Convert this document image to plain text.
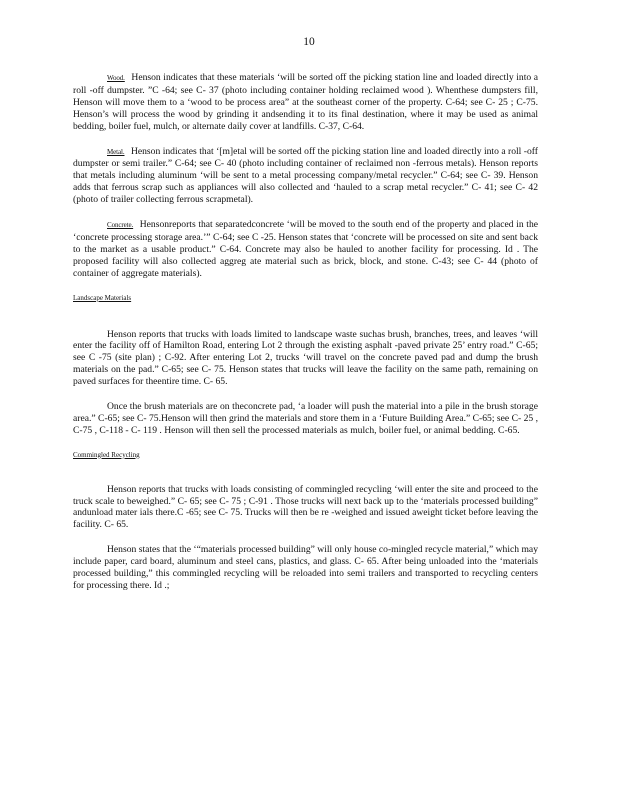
10

Wood. Henson indicates that these materials ‘will be sorted off the picking station line and loaded directly into a roll -off dumpster. ”C -64; see C- 37 (photo including container holding reclaimed wood ). Whenthese dumpsters fill, Henson will move them to a ‘wood to be process area” at the southeast corner of the property. C-64; see C- 25 ; C-75. Henson’s will process the wood by grinding it andsending it to its final destination, where it may be used as animal bedding, boiler fuel, mulch, or alternate daily cover at landfills. C-37, C-64.

Metal. Henson indicates that ‘[m]etal will be sorted off the picking station line and loaded directly into a roll -off dumpster or semi trailer.” C-64; see C- 40 (photo including container of reclaimed non -ferrous metals). Henson reports that metals including aluminum ‘will be sent to a metal processing company/metal recycler.” C-64; see C- 39. Henson adds that ferrous scrap such as appliances will also collected and ‘hauled to a scrap metal recycler.” C- 41; see C- 42 (photo of trailer collecting ferrous scrapmetal).

Concrete. Hensonreports that separatedconcrete ‘will be moved to the south end of the property and placed in the ‘concrete processing storage area.’” C-64; see C -25. Henson states that ‘concrete will be processed on site and sent back to the market as a usable product.” C-64. Concrete may also be hauled to another facility for processing. Id . The proposed facility will also collected aggreg ate material such as brick, block, and stone. C-43; see C- 44 (photo of container of aggregate materials).

Landscape Materials

Henson reports that trucks with loads limited to landscape waste suchas brush, branches, trees, and leaves ‘will enter the facility off of Hamilton Road, entering Lot 2 through the existing asphalt -paved private 25’ entry road.” C-65; see C -75 (site plan) ; C-92. After entering Lot 2, trucks ‘will travel on the concrete paved pad and dump the brush materials on the pad.” C-65; see C- 75. Henson states that trucks will leave the facility on the same path, remaining on paved surfaces for theentire time. C- 65.

Once the brush materials are on theconcrete pad, ‘a loader will push the material into a pile in the brush storage area.” C-65; see C- 75.Henson will then grind the materials and store them in a ‘Future Building Area.” C-65; see C- 25 , C-75 , C-118 - C- 119 . Henson will then sell the processed materials as mulch, boiler fuel, or animal bedding. C-65.

Commingled Recycling

Henson reports that trucks with loads consisting of commingled recycling ‘will enter the site and proceed to the truck scale to beweighed.” C- 65; see C- 75 ; C-91 . Those trucks will next back up to the ‘materials processed building” andunload mater ials there.C -65; see C- 75. Trucks will then be re -weighed and issued aweight ticket before leaving the facility. C- 65.

Henson states that the ‘“materials processed building” will only house co-mingled recycle material,” which may include paper, card board, aluminum and steel cans, plastics, and glass. C- 65. After being unloaded into the ‘materials processed building,” this commingled recycling will be reloaded into semi trailers and transported to recycling centers for processing there. Id .;
